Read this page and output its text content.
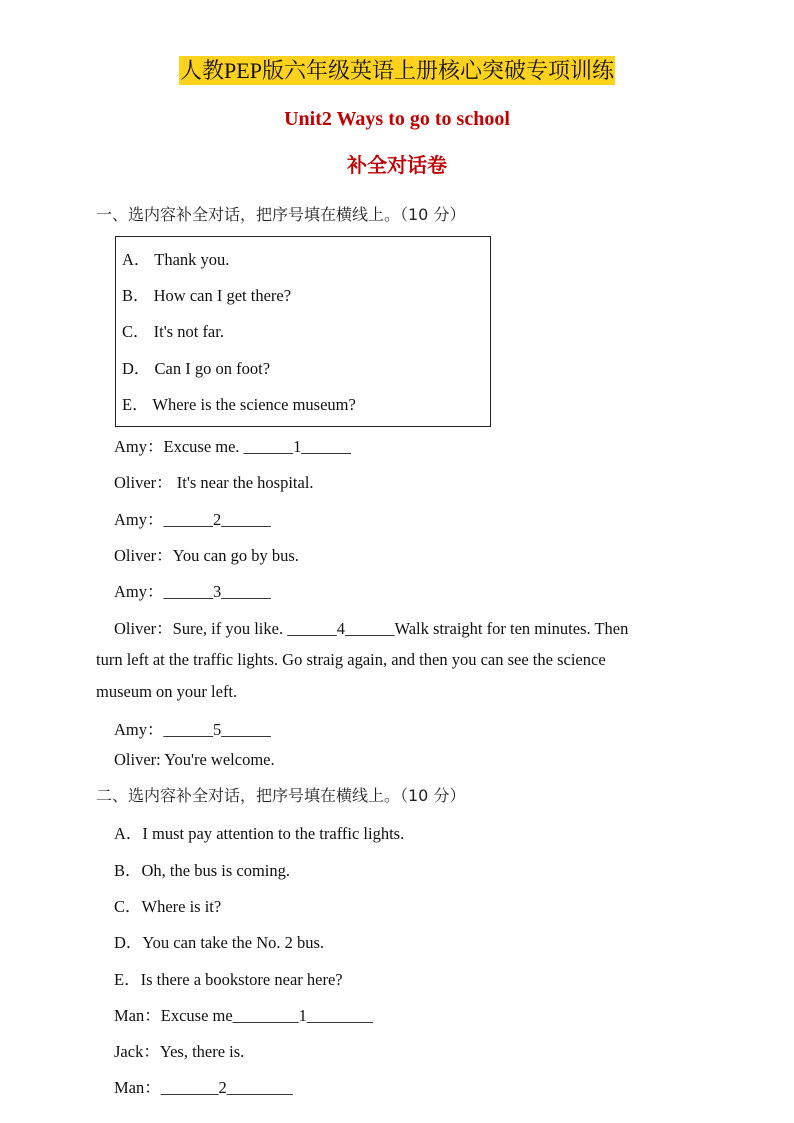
人教PEP版六年级英语上册核心突破专项训练
Unit2 Ways to go to school
补全对话卷
一、选内容补全对话，把序号填在横线上。（10 分）
A． Thank you.
B． How can I get there?
C． It's not far.
D． Can I go on foot?
E． Where is the science museum?
Amy：Excuse me. ______1______
Oliver： It's near the hospital.
Amy：______2______
Oliver：You can go by bus.
Amy：______3______
Oliver：Sure, if you like. ______4______Walk straight for ten minutes. Then
turn left at the traffic lights. Go straig again, and then you can see the science
museum on your left.
Amy：______5______
Oliver: You're welcome.
二、选内容补全对话，把序号填在横线上。（10 分）
A．I must pay attention to the traffic lights.
B．Oh, the bus is coming.
C．Where is it?
D．You can take the No. 2 bus.
E．Is there a bookstore near here?
Man：Excuse me________1________
Jack：Yes, there is.
Man：_______2________
